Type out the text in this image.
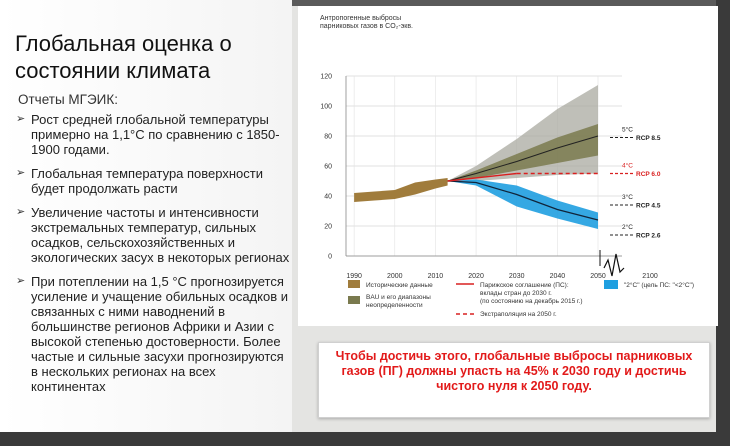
Глобальная оценка о
состоянии климата
Отчеты МГЭИК:
➢ Рост средней глобальной температуры примерно на 1,1°С по сравнению с 1850-1900 годами.
➢ Глобальная температура поверхности будет продолжать расти
➢ Увеличение частоты и интенсивности экстремальных температур, сильных осадков, сельскохозяйственных и экологических засух в некоторых регионах
➢ При потеплении на 1,5 °C прогнозируется усиление и учащение обильных осадков и связанных с ними наводнений в большинстве регионов Африки и Азии с высокой степенью достоверности. Более частые и сильные засухи прогнозируются в нескольких регионах на всех континентах
0
20
40
60
80
100
120
1990	2000	2010	2020	2030	2040	2050	2100
Антропогенные выбросы
парниковых газов в CO₂-экв.
RCP 8.5
5°C
RCP 6.0
4°C
RCP 4.5
3°C
RCP 2.6
2°C
Исторические данные
BAU и его диапазоны
неопределенности
Парижское соглашение (ПС):
вклады стран до 2030 г.
(по состоянию на декабрь 2015 г.)
Экстраполяция на 2050 г.
"2°C" (цель ПС: "<2°C")
Чтобы достичь этого, глобальные выбросы парниковых газов (ПГ) должны упасть на 45% к 2030 году и достичь чистого нуля к 2050 году.
